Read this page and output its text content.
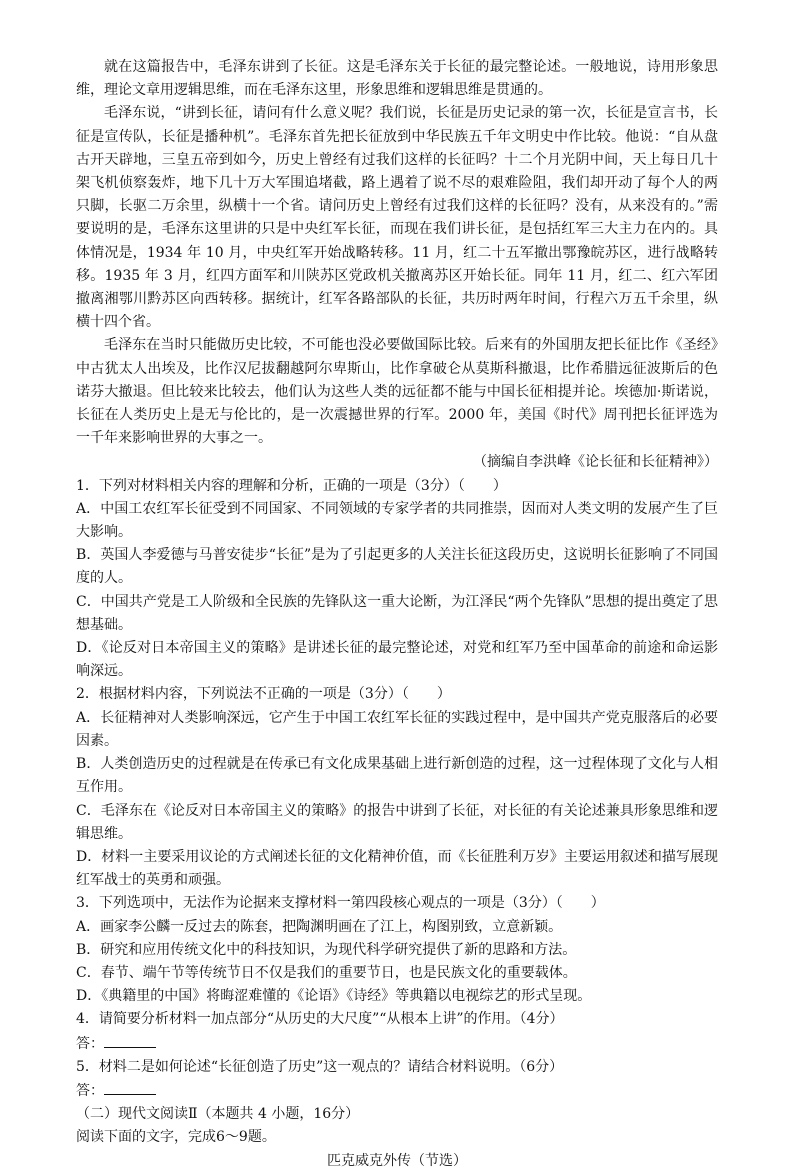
就在这篇报告中，毛泽东讲到了长征。这是毛泽东关于长征的最完整论述。一般地说，诗用形象思维，理论文章用逻辑思维，而在毛泽东这里，形象思维和逻辑思维是贯通的。

毛泽东说，“讲到长征，请问有什么意义呢？我们说，长征是历史记录的第一次，长征是宣言书，长征是宣传队，长征是播种机”。毛泽东首先把长征放到中华民族五千年文明史中作比较。他说：“自从盘古开天辟地，三皇五帝到如今，历史上曾经有过我们这样的长征吗？十二个月光阴中间，天上每日几十架飞机侦察轰炸，地下几十万大军围追堵截，路上遇着了说不尽的艰难险阻，我们却开动了每个人的两只脚，长驱二万余里，纵横十一个省。请问历史上曾经有过我们这样的长征吗？没有，从来没有的。”需要说明的是，毛泽东这里讲的只是中央红军长征，而现在我们讲长征，是包括红军三大主力在内的。具体情况是，1934 年 10 月，中央红军开始战略转移。11 月，红二十五军撤出鄂豫皖苏区，进行战略转移。1935 年 3 月，红四方面军和川陕苏区党政机关撤离苏区开始长征。同年 11 月，红二、红六军团撤离湘鄂川黔苏区向西转移。据统计，红军各路部队的长征，共历时两年时间，行程六万五千余里，纵横十四个省。

毛泽东在当时只能做历史比较，不可能也没必要做国际比较。后来有的外国朋友把长征比作《圣经》中古犹太人出埃及，比作汉尼拔翻越阿尔卑斯山，比作拿破仑从莫斯科撤退，比作希腊远征波斯后的色诺芬大撤退。但比较来比较去，他们认为这些人类的远征都不能与中国长征相提并论。埃德加·斯诺说，长征在人类历史上是无与伦比的，是一次震撼世界的行军。2000 年，美国《时代》周刊把长征评选为一千年来影响世界的大事之一。

（摘编自李洪峰《论长征和长征精神》）

1．下列对材料相关内容的理解和分析，正确的一项是（3分）（　　）

A．中国工农红军长征受到不同国家、不同领域的专家学者的共同推崇，因而对人类文明的发展产生了巨大影响。

B．英国人李爱德与马普安徒步“长征”是为了引起更多的人关注长征这段历史，这说明长征影响了不同国度的人。

C．中国共产党是工人阶级和全民族的先锋队这一重大论断，为江泽民“两个先锋队”思想的提出奠定了思想基础。

D．《论反对日本帝国主义的策略》是讲述长征的最完整论述，对党和红军乃至中国革命的前途和命运影响深远。

2．根据材料内容，下列说法不正确的一项是（3分）（　　）

A．长征精神对人类影响深远，它产生于中国工农红军长征的实践过程中，是中国共产党克服落后的必要因素。

B．人类创造历史的过程就是在传承已有文化成果基础上进行新创造的过程，这一过程体现了文化与人相互作用。

C．毛泽东在《论反对日本帝国主义的策略》的报告中讲到了长征，对长征的有关论述兼具形象思维和逻辑思维。

D．材料一主要采用议论的方式阐述长征的文化精神价值，而《长征胜利万岁》主要运用叙述和描写展现红军战士的英勇和顽强。

3．下列选项中，无法作为论据来支撑材料一第四段核心观点的一项是（3分）（　　）

A．画家李公麟一反过去的陈套，把陶渊明画在了江上，构图别致，立意新颖。

B．研究和应用传统文化中的科技知识，为现代科学研究提供了新的思路和方法。

C．春节、端午节等传统节日不仅是我们的重要节日，也是民族文化的重要载体。

D．《典籍里的中国》将晦涩难懂的《论语》《诗经》等典籍以电视综艺的形式呈现。

4．请简要分析材料一加点部分“从历史的大尺度”“从根本上讲”的作用。（4分）

答：

5．材料二是如何论述“长征创造了历史”这一观点的？请结合材料说明。（6分）

答：

（二）现代文阅读Ⅱ（本题共 4 小题，16分）

阅读下面的文字，完成6～9题。

匹克威克外传（节选）
